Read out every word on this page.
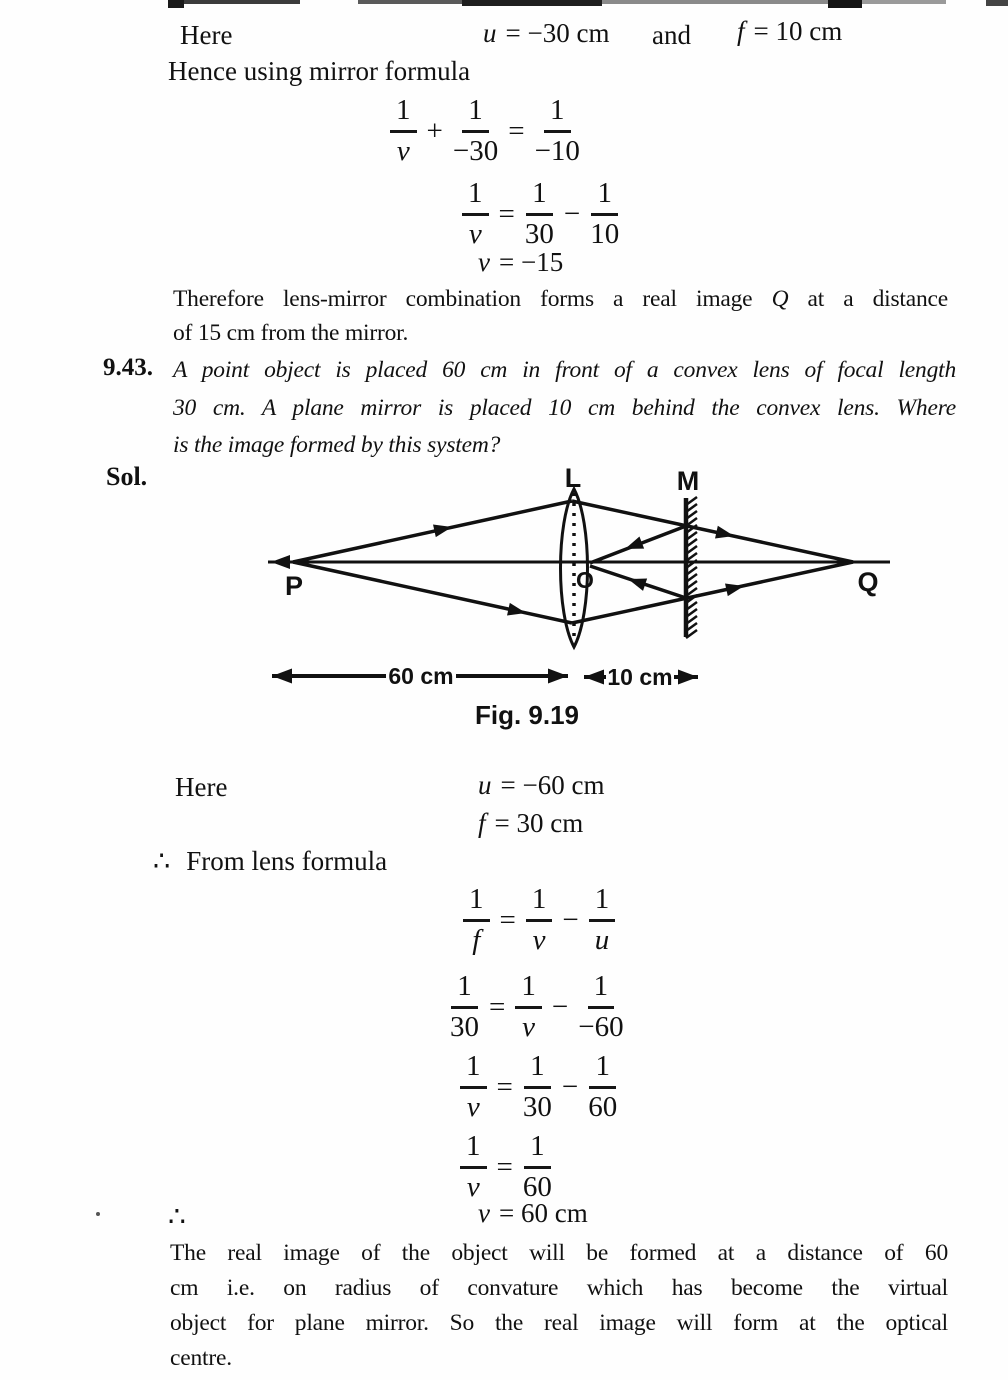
Here	u = −30 cm and f = 10 cm
Hence using mirror formula
$\frac{1}{v} + \frac{1}{-30} = \frac{1}{-10}$
$\frac{1}{v} = \frac{1}{30} - \frac{1}{10}$
v = −15
Therefore lens-mirror combination forms a real image Q at a distance
of 15 cm from the mirror.
9.43. A point object is placed 60 cm in front of a convex lens of focal length
30 cm. A plane mirror is placed 10 cm behind the convex lens. Where
is the image formed by this system?
Sol.	L	M
P	O	Q
60 cm	10 cm
Fig. 9.19
Here	u = −60 cm
f = 30 cm
∴ From lens formula
$\frac{1}{f} = \frac{1}{v} - \frac{1}{u}$
$\frac{1}{30} = \frac{1}{v} - \frac{1}{-60}$
$\frac{1}{v} = \frac{1}{30} - \frac{1}{60}$
$\frac{1}{v} = \frac{1}{60}$
∴	v = 60 cm
The real image of the object will be formed at a distance of 60
cm i.e. on radius of convature which has become the virtual
object for plane mirror. So the real image will form at the optical
centre.
